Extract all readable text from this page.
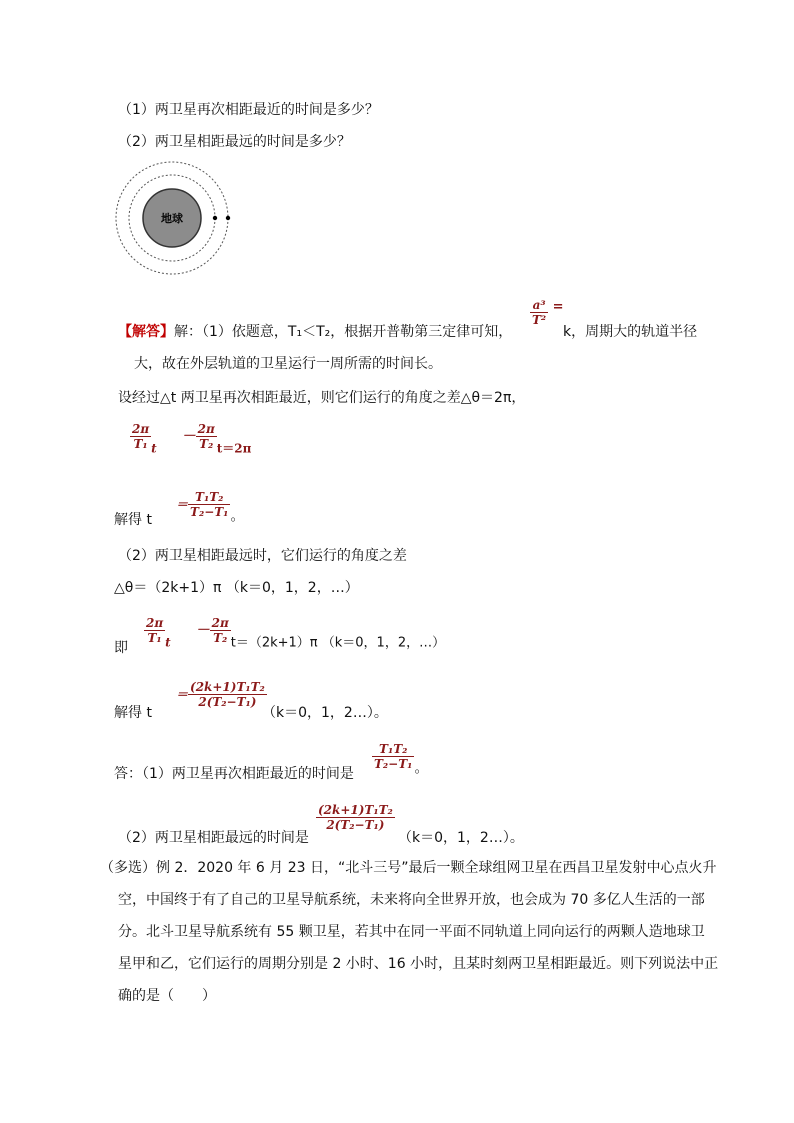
（1）两卫星再次相距最近的时间是多少？
（2）两卫星相距最远的时间是多少？
地球
【解答】解：（1）依题意，T₁＜T₂，根据开普勒第三定律可知，
$\frac{\text{a³}}{\text{T²}}$ =
k，周期大的轨道半径
大，故在外层轨道的卫星运行一周所需的时间长。
设经过△t 两卫星再次相距最近，则它们运行的角度之差△θ＝2π，
$\frac{2\pi}{\text{T₁}}$ $t - \frac{2\pi}{\text{T₂}} t=2\pi$
解得 t
＝ $\frac{\text{T₁T₂}}{\text{T₂−T₁}}$ 。
（2）两卫星相距最远时，它们运行的角度之差
△θ＝（2k+1）π （k＝0，1，2，…）
即
$\frac{2\pi}{\text{T₁}}$ $t - \frac{2\pi}{\text{T₂}} t=(2k+1)\pi$ （k＝0，1，2，…）
解得 t
＝ $\frac{\text{(2k+1)T₁T₂}}{\text{2(T₂−T₁)}}$
（k＝0，1，2…）。
答：（1）两卫星再次相距最近的时间是
$\frac{\text{T₁T₂}}{\text{T₂−T₁}}$ 。
（2）两卫星相距最远的时间是
$\frac{\text{(2k+1)T₁T₂}}{\text{2(T₂−T₁)}}$
（k＝0，1，2…）。
（多选）例 2．2020 年 6 月 23 日，“北斗三号”最后一颗全球组网卫星在西昌卫星发射中心点火升
空，中国终于有了自己的卫星导航系统，未来将向全世界开放，也会成为 70 多亿人生活的一部
分。北斗卫星导航系统有 55 颗卫星，若其中在同一平面不同轨道上同向运行的两颗人造地球卫
星甲和乙，它们运行的周期分别是 2 小时、16 小时，且某时刻两卫星相距最近。则下列说法中正
确的是（　　）
